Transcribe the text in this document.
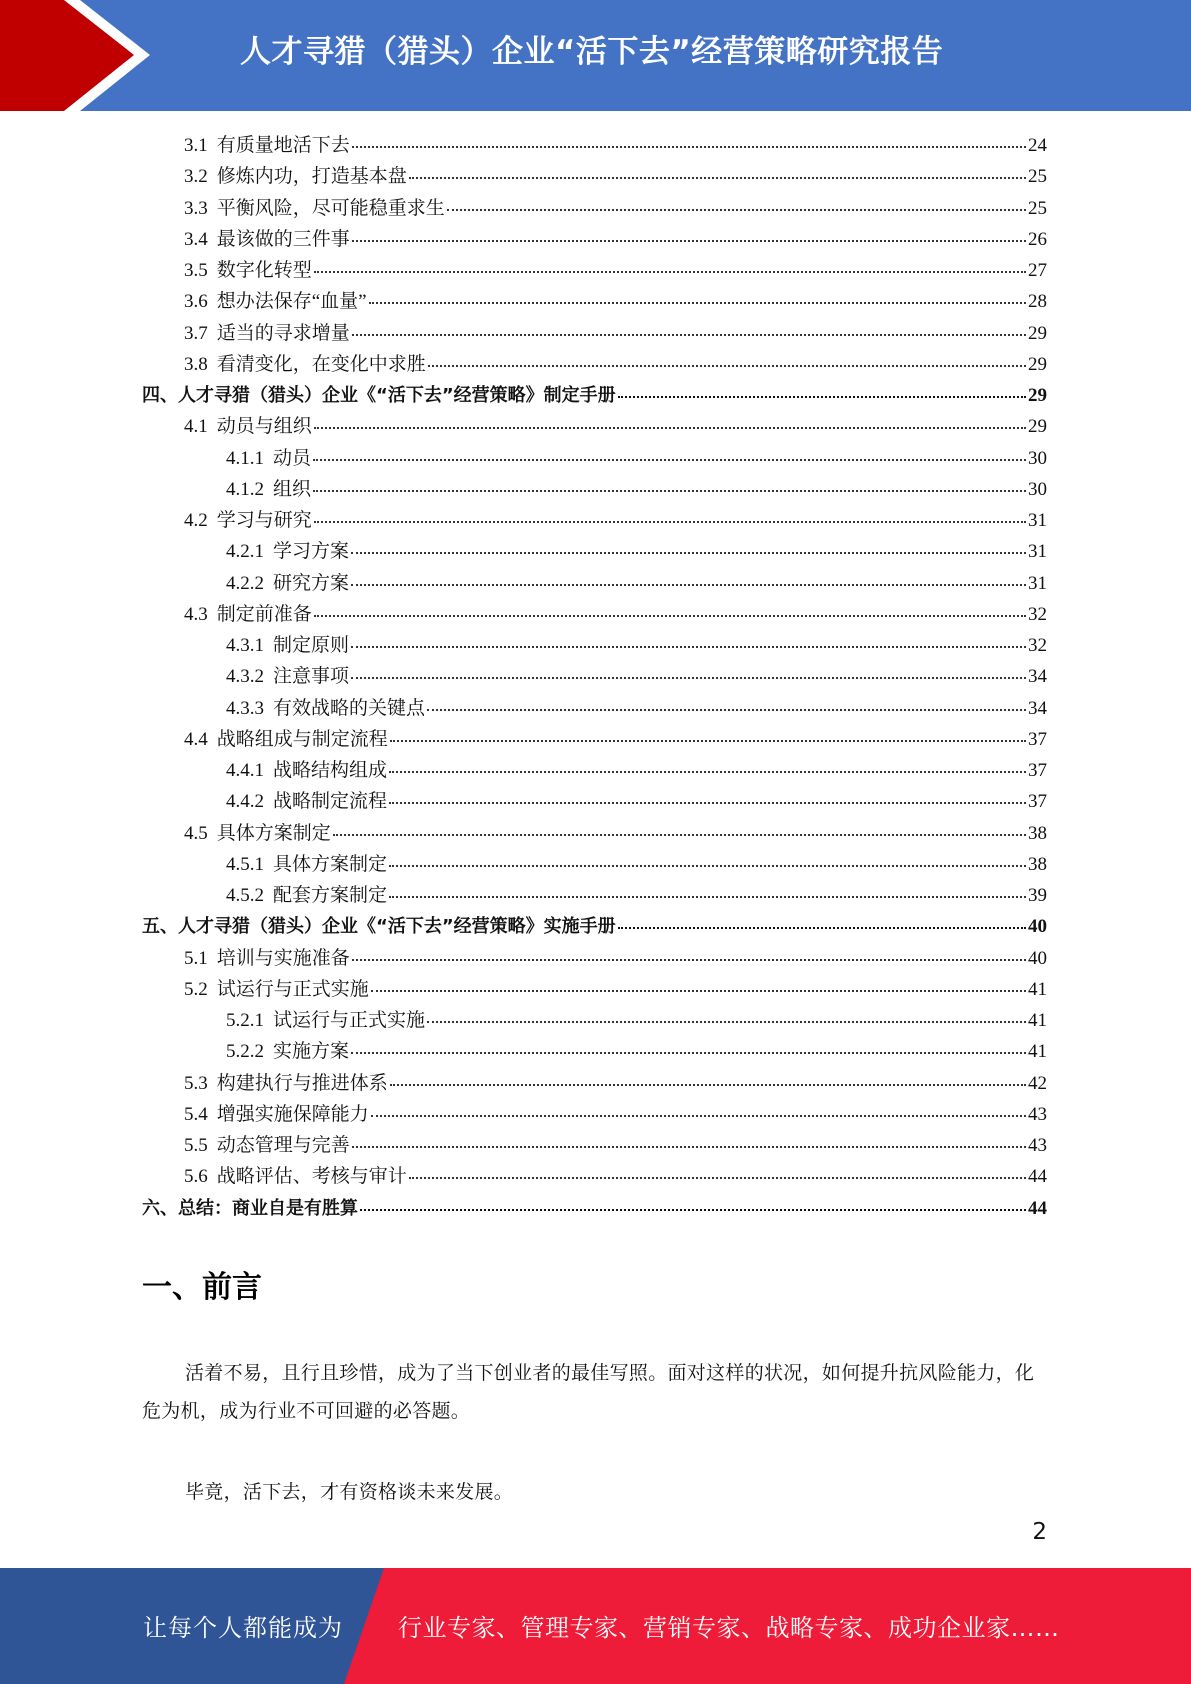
人才寻猎（猎头）企业“活下去”经营策略研究报告
3.1 有质量地活下去	24
3.2 修炼内功，打造基本盘	25
3.3 平衡风险，尽可能稳重求生	25
3.4 最该做的三件事	26
3.5 数字化转型	27
3.6 想办法保存“血量”	28
3.7 适当的寻求增量	29
3.8 看清变化，在变化中求胜	29
四、人才寻猎（猎头）企业《“活下去”经营策略》制定手册	29
4.1 动员与组织	29
4.1.1 动员	30
4.1.2 组织	30
4.2 学习与研究	31
4.2.1 学习方案	31
4.2.2 研究方案	31
4.3 制定前准备	32
4.3.1 制定原则	32
4.3.2 注意事项	34
4.3.3 有效战略的关键点	34
4.4 战略组成与制定流程	37
4.4.1 战略结构组成	37
4.4.2 战略制定流程	37
4.5 具体方案制定	38
4.5.1 具体方案制定	38
4.5.2 配套方案制定	39
五、人才寻猎（猎头）企业《“活下去”经营策略》实施手册	40
5.1 培训与实施准备	40
5.2 试运行与正式实施	41
5.2.1 试运行与正式实施	41
5.2.2 实施方案	41
5.3 构建执行与推进体系	42
5.4 增强实施保障能力	43
5.5 动态管理与完善	43
5.6 战略评估、考核与审计	44
六、总结：商业自是有胜算	44
一、前言
活着不易，且行且珍惜，成为了当下创业者的最佳写照。面对这样的状况，如何提升抗风险能力，化危为机，成为行业不可回避的必答题。
毕竟，活下去，才有资格谈未来发展。
2
让每个人都能成为 行业专家、管理专家、营销专家、战略专家、成功企业家……
